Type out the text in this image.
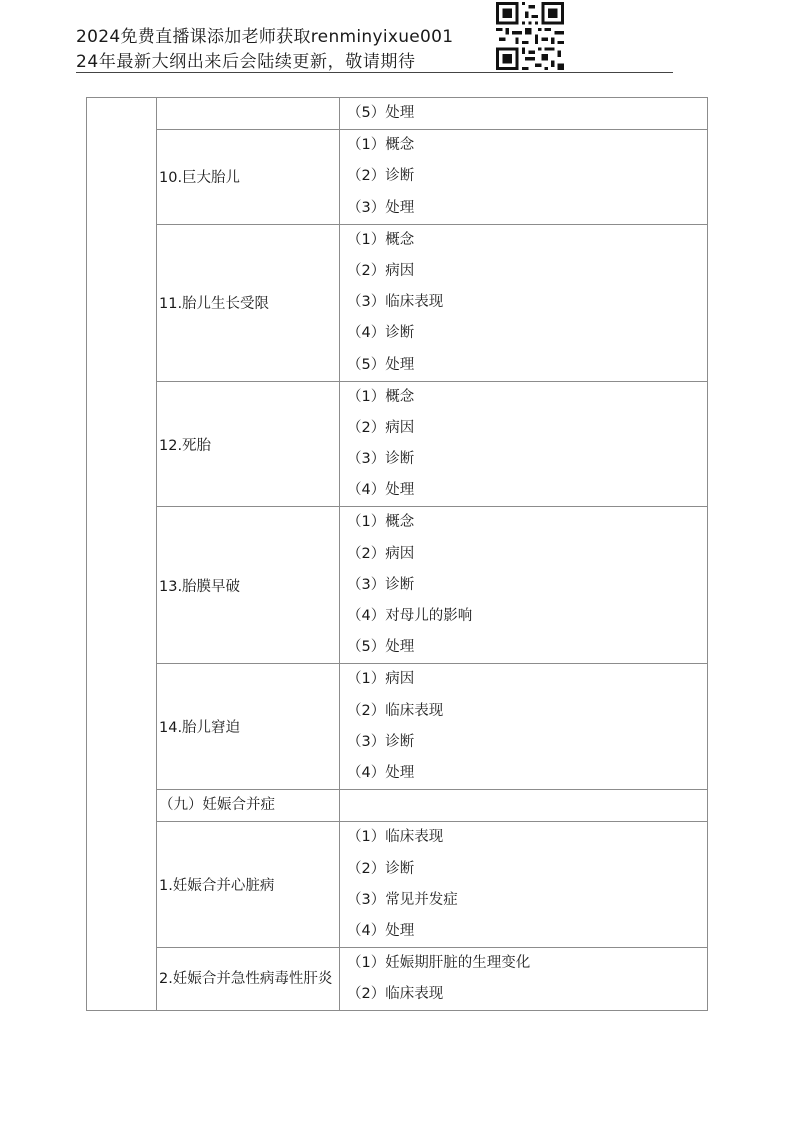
2024免费直播课添加老师获取renminyixue001
24年最新大纲出来后会陆续更新，敬请期待

		（5）处理

	10.巨大胎儿	（1）概念
（2）诊断
（3）处理

	11.胎儿生长受限	（1）概念
（2）病因
（3）临床表现
（4）诊断
（5）处理

	12.死胎	（1）概念
（2）病因
（3）诊断
（4）处理

	13.胎膜早破	（1）概念
（2）病因
（3）诊断
（4）对母儿的影响
（5）处理

	14.胎儿窘迫	（1）病因
（2）临床表现
（3）诊断
（4）处理

	（九）妊娠合并症	
	1.妊娠合并心脏病	（1）临床表现
（2）诊断
（3）常见并发症
（4）处理

	2.妊娠合并急性病毒性肝炎	（1）妊娠期肝脏的生理变化
（2）临床表现
